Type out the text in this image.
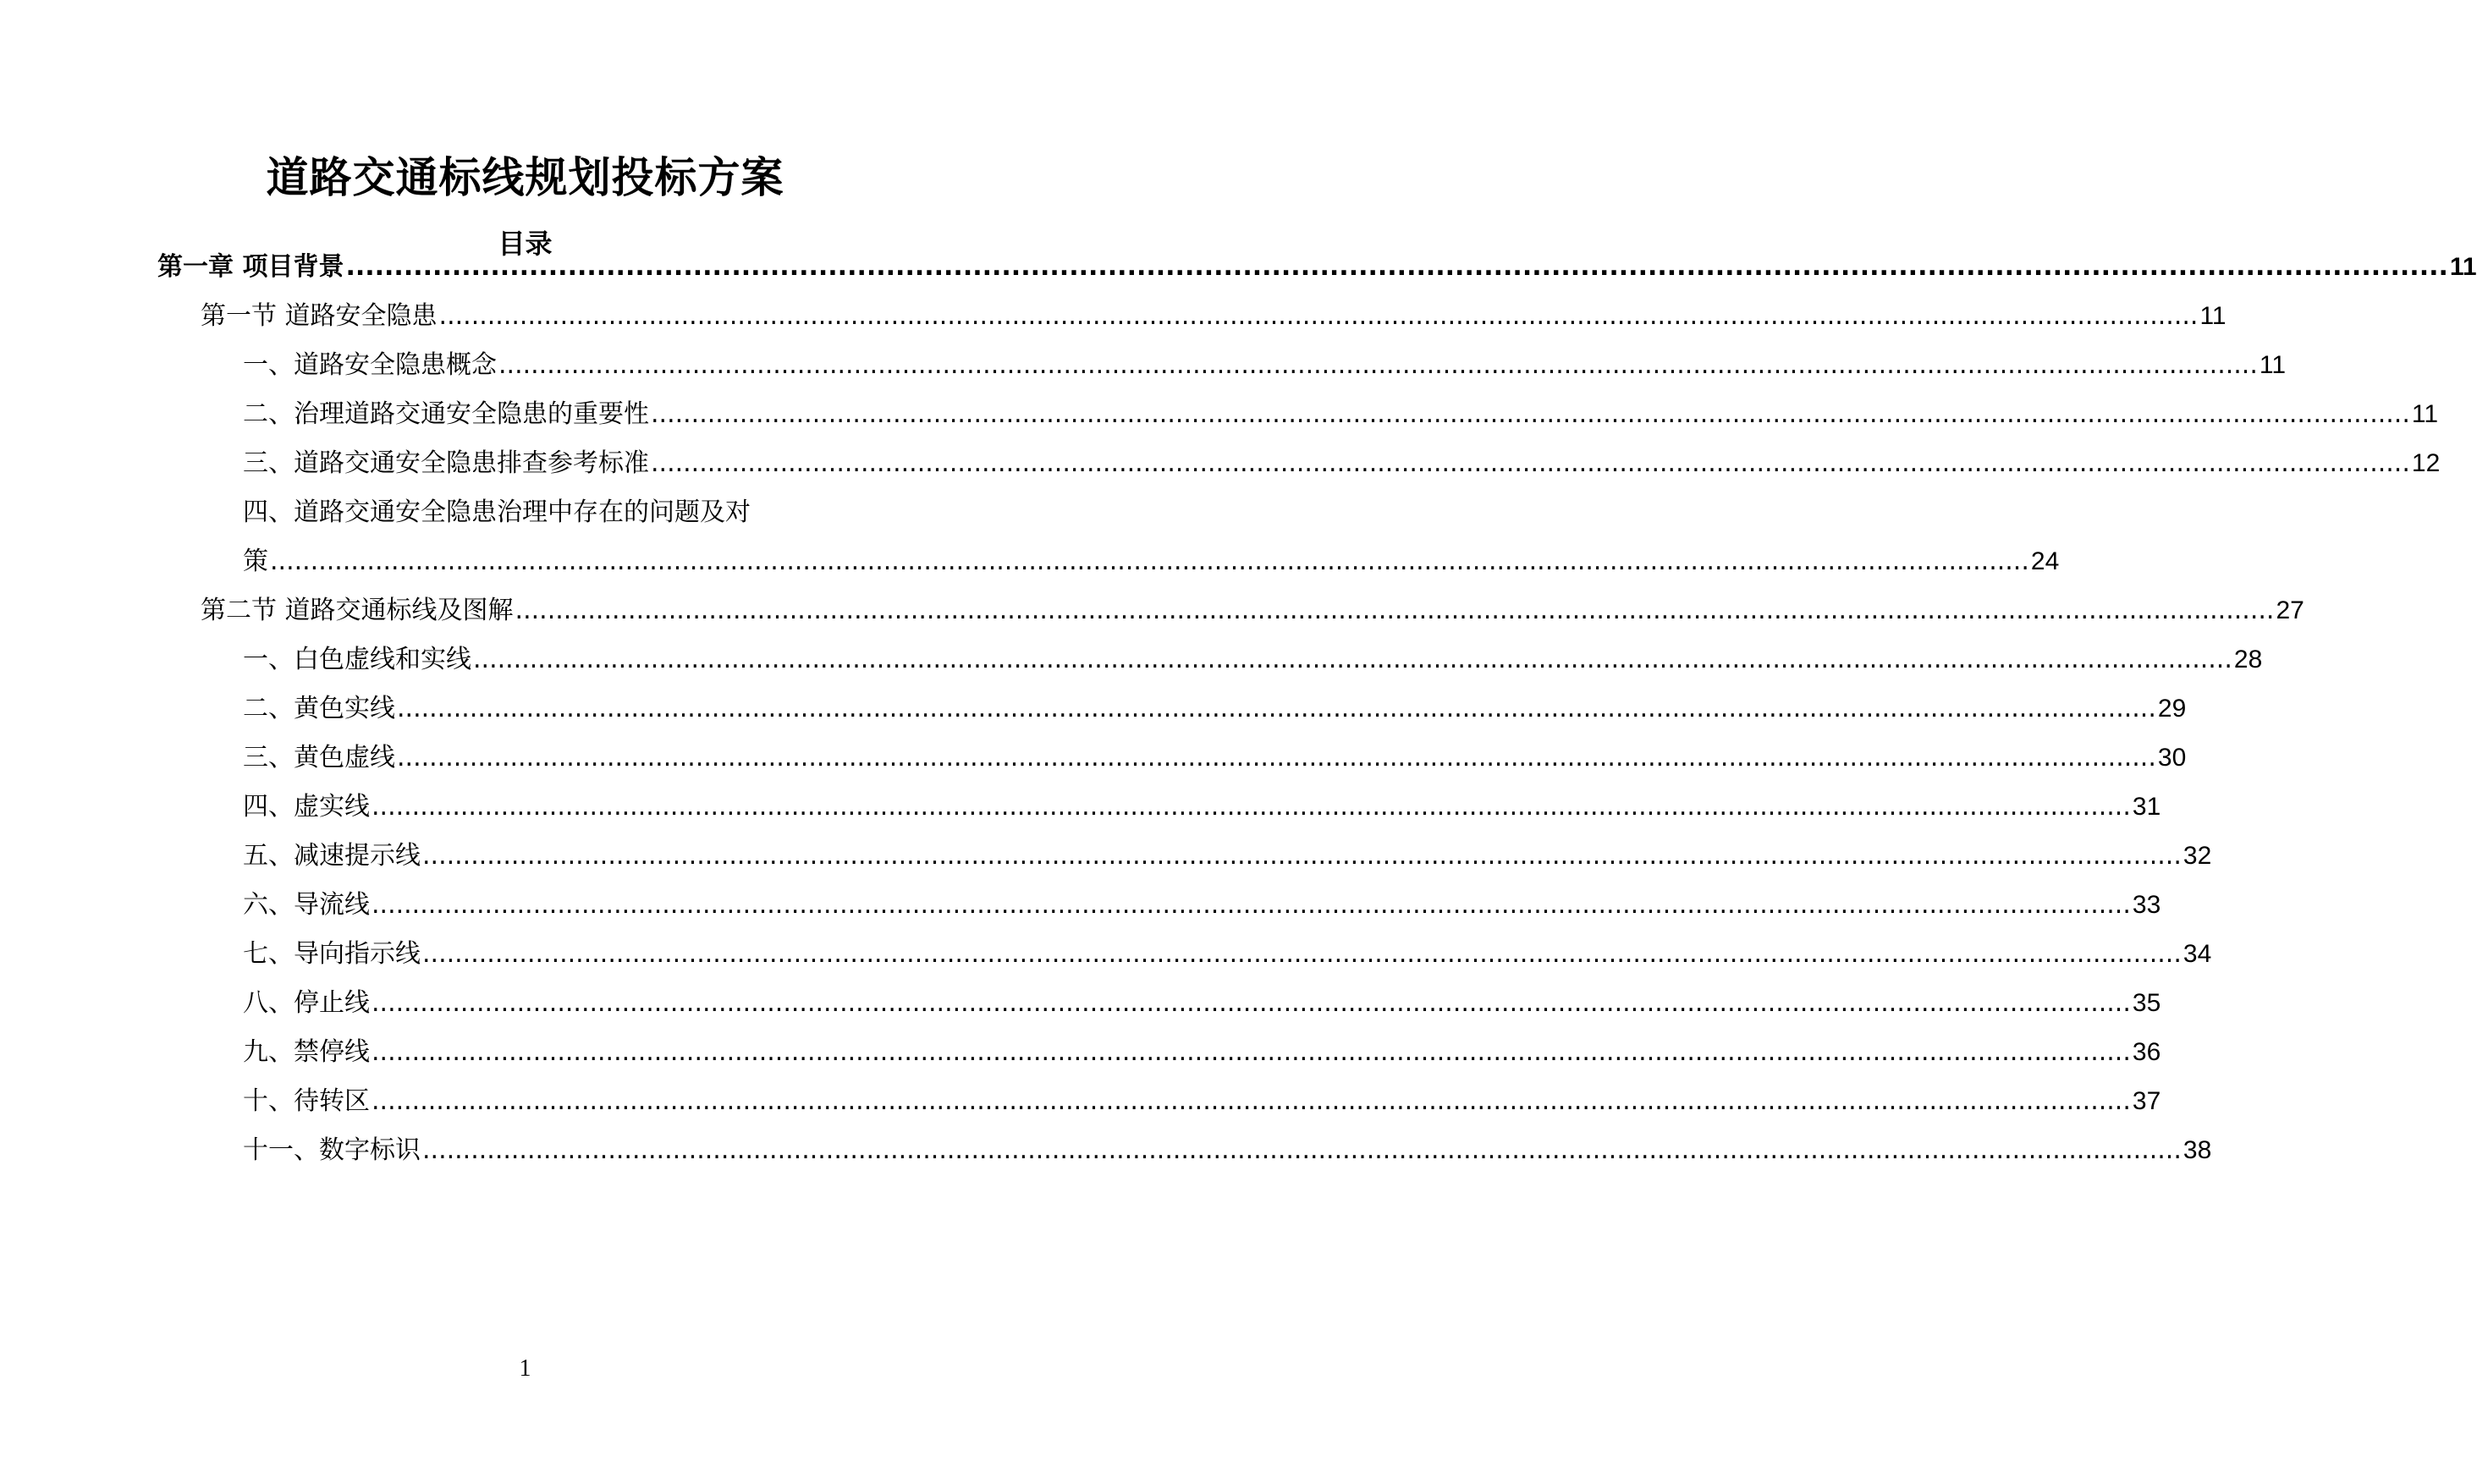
道路交通标线规划投标方案
目录
第一章 项目背景 .......................................................................................................................................................................................................................... 11
第一节 道路安全隐患 .......................................................................................................................................................................................................................... 11
一、道路安全隐患概念 .......................................................................................................................................................................................................................... 11
二、治理道路交通安全隐患的重要性 .......................................................................................................................................................................................................................... 11
三、道路交通安全隐患排查参考标准 .......................................................................................................................................................................................................................... 12
四、道路交通安全隐患治理中存在的问题及对
策 .......................................................................................................................................................................................................................... 24
第二节 道路交通标线及图解 .......................................................................................................................................................................................................................... 27
一、白色虚线和实线 .......................................................................................................................................................................................................................... 28
二、黄色实线 .......................................................................................................................................................................................................................... 29
三、黄色虚线 .......................................................................................................................................................................................................................... 30
四、虚实线 .......................................................................................................................................................................................................................... 31
五、减速提示线 .......................................................................................................................................................................................................................... 32
六、导流线 .......................................................................................................................................................................................................................... 33
七、导向指示线 .......................................................................................................................................................................................................................... 34
八、停止线 .......................................................................................................................................................................................................................... 35
九、禁停线 .......................................................................................................................................................................................................................... 36
十、待转区 .......................................................................................................................................................................................................................... 37
十一、数字标识 .......................................................................................................................................................................................................................... 38
1
